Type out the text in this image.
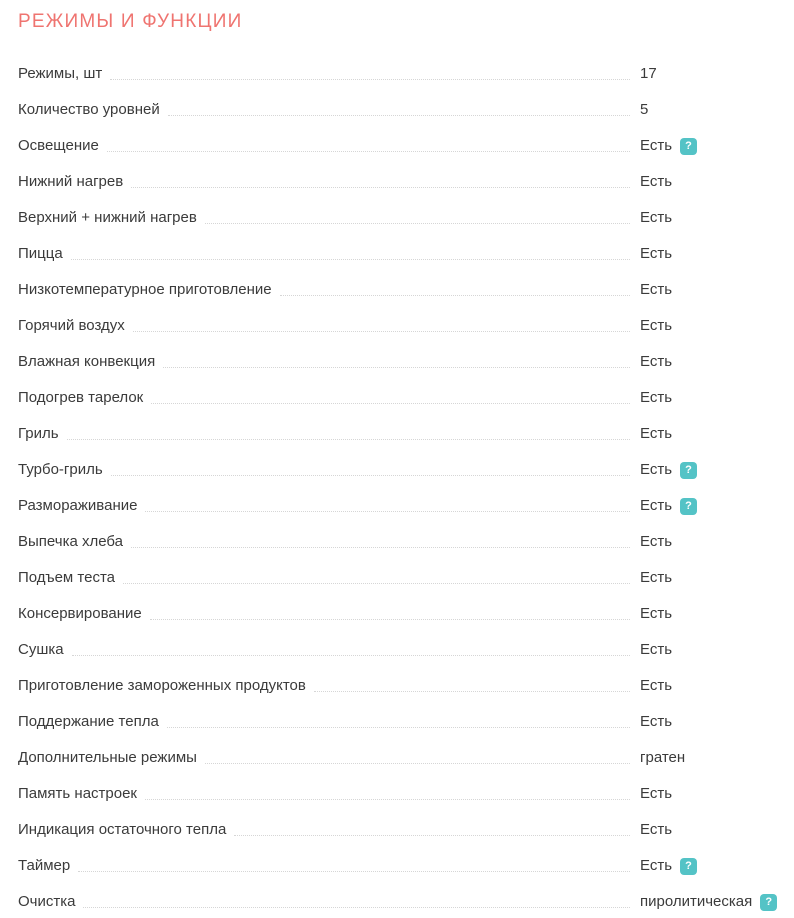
РЕЖИМЫ И ФУНКЦИИ
Режимы, шт	17
Количество уровней	5
Освещение	Есть	?
Нижний нагрев	Есть
Верхний + нижний нагрев	Есть
Пицца	Есть
Низкотемпературное приготовление	Есть
Горячий воздух	Есть
Влажная конвекция	Есть
Подогрев тарелок	Есть
Гриль	Есть
Турбо-гриль	Есть	?
Размораживание	Есть	?
Выпечка хлеба	Есть
Подъем теста	Есть
Консервирование	Есть
Сушка	Есть
Приготовление замороженных продуктов	Есть
Поддержание тепла	Есть
Дополнительные режимы	гратен
Память настроек	Есть
Индикация остаточного тепла	Есть
Таймер	Есть	?
Очистка	пиролитическая	?
